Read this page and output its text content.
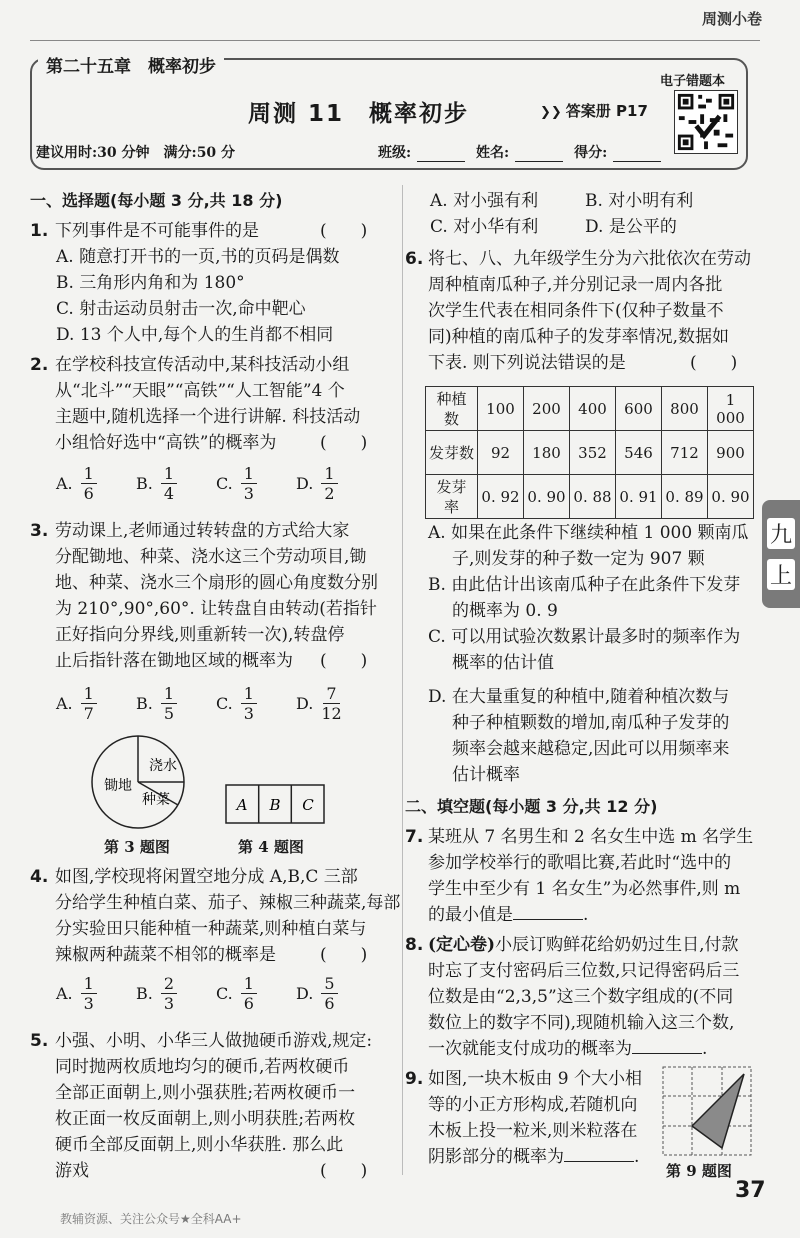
周测小卷
第二十五章　概率初步
周测 11　概率初步	❯❯ 答案册 P17
电子错题本
建议用时:30 分钟　满分:50 分	班级:	姓名:	得分:
一、选择题(每小题 3 分,共 18 分)
1. 下列事件是不可能事件的是	(　　)
A. 随意打开书的一页,书的页码是偶数
B. 三角形内角和为 180°
C. 射击运动员射击一次,命中靶心
D. 13 个人中,每个人的生肖都不相同
2. 在学校科技宣传活动中,某科技活动小组
从“北斗”“天眼”“高铁”“人工智能”4 个
主题中,随机选择一个进行讲解. 科技活动
小组恰好选中“高铁”的概率为	(　　)
A.
1
6
B.
1
4
C.
1
3
D.
1
2
3. 劳动课上,老师通过转转盘的方式给大家
分配锄地、种菜、浇水这三个劳动项目,锄
地、种菜、浇水三个扇形的圆心角度数分别
为 210°,90°,60°. 让转盘自由转动(若指针
正好指向分界线,则重新转一次),转盘停
止后指针落在锄地区域的概率为 (　　)
A.
1
7
B.
1
5
C.
1
3
D.
7
12
锄地
浇水
种菜
第 3 题图
A B C
第 4 题图
4. 如图,学校现将闲置空地分成 A,B,C 三部
分给学生种植白菜、茄子、辣椒三种蔬菜,每部
分实验田只能种植一种蔬菜,则种植白菜与
辣椒两种蔬菜不相邻的概率是	(　　)
A.
1
3
B.
2
3
C.
1
6
D.
5
6
5. 小强、小明、小华三人做抛硬币游戏,规定:
同时抛两枚质地均匀的硬币,若两枚硬币
全部正面朝上,则小强获胜;若两枚硬币一
枚正面一枚反面朝上,则小明获胜;若两枚
硬币全部反面朝上,则小华获胜. 那么此
游戏	(　　)
A. 对小强有利	B. 对小明有利
C. 对小华有利	D. 是公平的
6. 将七、八、九年级学生分为六批依次在劳动
周种植南瓜种子,并分别记录一周内各批
次学生代表在相同条件下(仅种子数量不
同)种植的南瓜种子的发芽率情况,数据如
下表. 则下列说法错误的是	(　　)
种植
数	100	200	400	600	800	1 000
发芽数	92	180	352	546	712	900
发芽
率	0. 92	0. 90	0. 88	0. 91	0. 89	0. 90
A. 如果在此条件下继续种植 1 000 颗南瓜
子,则发芽的种子数一定为 907 颗
B. 由此估计出该南瓜种子在此条件下发芽
的概率为 0. 9
C. 可以用试验次数累计最多时的频率作为
概率的估计值
D. 在大量重复的种植中,随着种植次数与
种子种植颗数的增加,南瓜种子发芽的
频率会越来越稳定,因此可以用频率来
估计概率
二、填空题(每小题 3 分,共 12 分)
7. 某班从 7 名男生和 2 名女生中选 m 名学生
参加学校举行的歌唱比赛,若此时“选中的
学生中至少有 1 名女生”为必然事件,则 m
的最小值是	.
8. (定心卷)小辰订购鲜花给奶奶过生日,付款
时忘了支付密码后三位数,只记得密码后三
位数是由“2,3,5”这三个数字组成的(不同
数位上的数字不同),现随机输入这三个数,
一次就能支付成功的概率为	.
9. 如图,一块木板由 9 个大小相
等的小正方形构成,若随机向
木板上投一粒米,则米粒落在
阴影部分的概率为	.
第 9 题图
九
上
37
教辅资源、关注公众号★全科AA+
